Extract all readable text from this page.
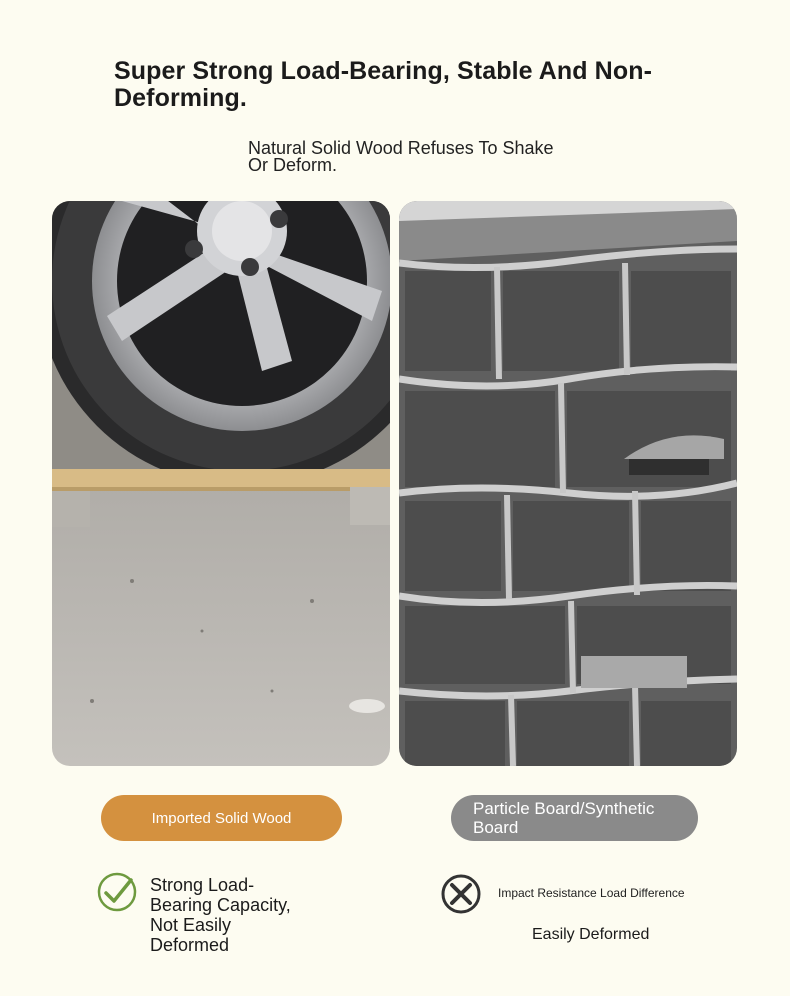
Super Strong Load-Bearing, Stable And Non-Deforming.
Natural Solid Wood Refuses To Shake Or Deform.
Imported Solid Wood	Particle Board/Synthetic Board
Strong Load-Bearing Capacity, Not Easily Deformed
Impact Resistance Load Difference
Easily Deformed
